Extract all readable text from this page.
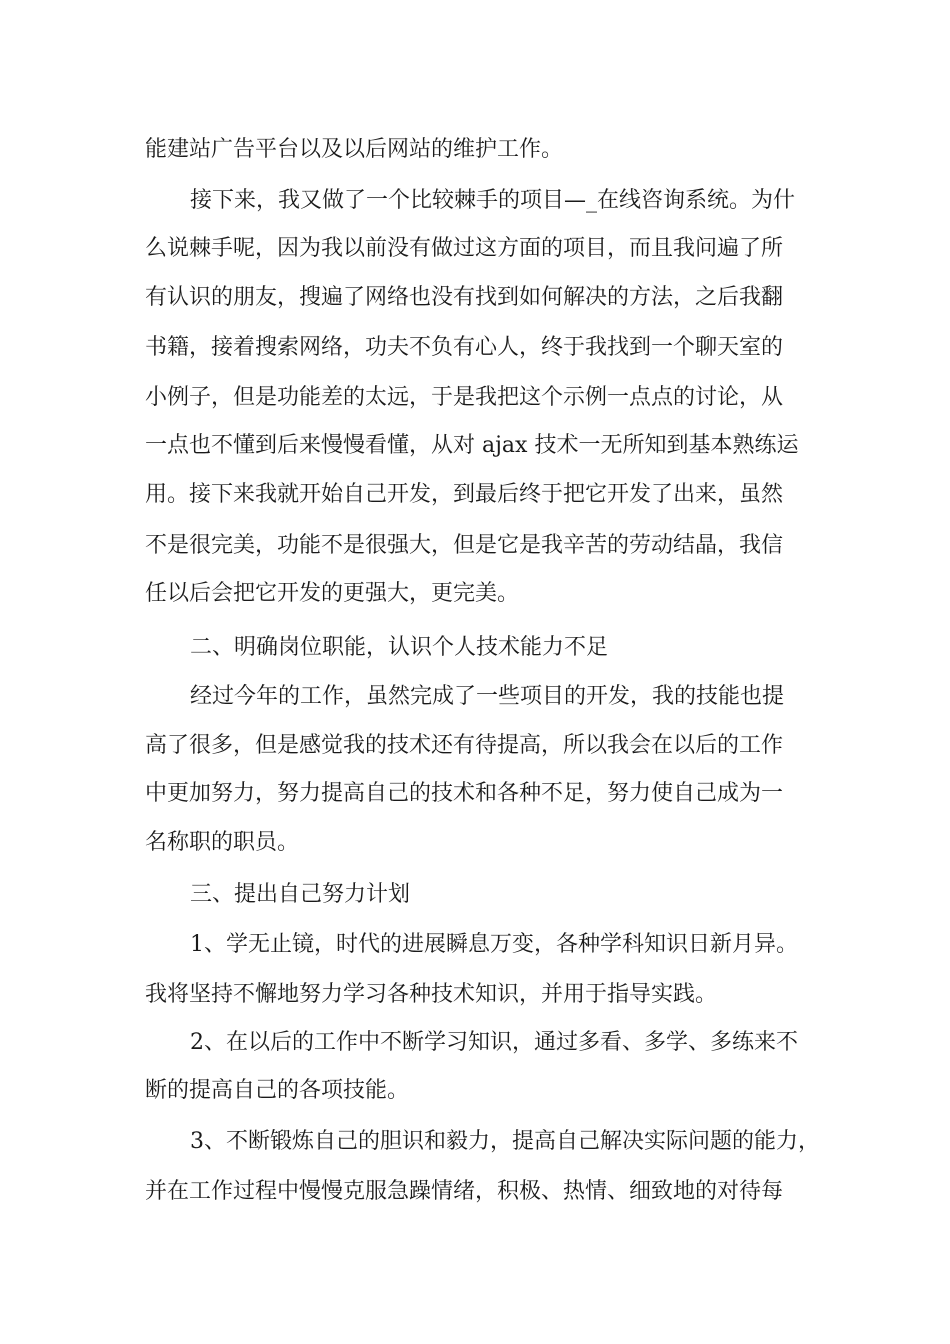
能建站广告平台以及以后网站的维护工作。
接下来，我又做了一个比较棘手的项目—_在线咨询系统。为什
么说棘手呢，因为我以前没有做过这方面的项目，而且我问遍了所
有认识的朋友，搜遍了网络也没有找到如何解决的方法，之后我翻
书籍，接着搜索网络，功夫不负有心人，终于我找到一个聊天室的
小例子，但是功能差的太远，于是我把这个示例一点点的讨论，从
一点也不懂到后来慢慢看懂，从对 ajax 技术一无所知到基本熟练运
用。接下来我就开始自己开发，到最后终于把它开发了出来，虽然
不是很完美，功能不是很强大，但是它是我辛苦的劳动结晶，我信
任以后会把它开发的更强大，更完美。
二、明确岗位职能，认识个人技术能力不足
经过今年的工作，虽然完成了一些项目的开发，我的技能也提
高了很多，但是感觉我的技术还有待提高，所以我会在以后的工作
中更加努力，努力提高自己的技术和各种不足，努力使自己成为一
名称职的职员。
三、提出自己努力计划
1、学无止镜，时代的进展瞬息万变，各种学科知识日新月异。
我将坚持不懈地努力学习各种技术知识，并用于指导实践。
2、在以后的工作中不断学习知识，通过多看、多学、多练来不
断的提高自己的各项技能。
3、不断锻炼自己的胆识和毅力，提高自己解决实际问题的能力，
并在工作过程中慢慢克服急躁情绪，积极、热情、细致地的对待每
